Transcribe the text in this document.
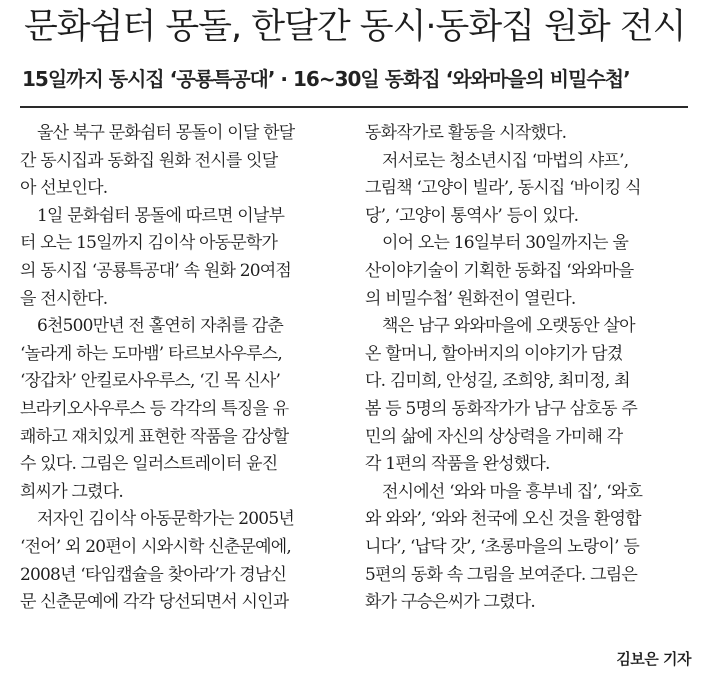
문화쉼터 몽돌, 한달간 동시·동화집 원화 전시
15일까지 동시집 ‘공룡특공대’ · 16~30일 동화집 ‘와와마을의 비밀수첩’

울산 북구 문화쉼터 몽돌이 이달 한달
간 동시집과 동화집 원화 전시를 잇달
아 선보인다.

1일 문화쉼터 몽돌에 따르면 이날부
터 오는 15일까지 김이삭 아동문학가
의 동시집 ‘공룡특공대’ 속 원화 20여점
을 전시한다.

6천500만년 전 홀연히 자취를 감춘
‘놀라게 하는 도마뱀’ 타르보사우루스,
‘장갑차’ 안킬로사우루스, ‘긴 목 신사’
브라키오사우루스 등 각각의 특징을 유
쾌하고 재치있게 표현한 작품을 감상할
수 있다. 그림은 일러스트레이터 윤진
희씨가 그렸다.

저자인 김이삭 아동문학가는 2005년
‘전어’ 외 20편이 시와시학 신춘문예에,
2008년 ‘타임캡슐을 찾아라’가 경남신
문 신춘문예에 각각 당선되면서 시인과

동화작가로 활동을 시작했다.

저서로는 청소년시집 ‘마법의 샤프’,
그림책 ‘고양이 빌라’, 동시집 ‘바이킹 식
당’, ‘고양이 통역사’ 등이 있다.

이어 오는 16일부터 30일까지는 울
산이야기술이 기획한 동화집 ‘와와마을
의 비밀수첩’ 원화전이 열린다.

책은 남구 와와마을에 오랫동안 살아
온 할머니, 할아버지의 이야기가 담겼
다. 김미희, 안성길, 조희양, 최미정, 최
봄 등 5명의 동화작가가 남구 삼호동 주
민의 삶에 자신의 상상력을 가미해 각
각 1편의 작품을 완성했다.

전시에선 ‘와와 마을 흥부네 집’, ‘와호
와 와와’, ‘와와 천국에 오신 것을 환영합
니다’, ‘납닥 갓’, ‘초롱마을의 노랑이’ 등
5편의 동화 속 그림을 보여준다. 그림은
화가 구승은씨가 그렸다.

김보은 기자
